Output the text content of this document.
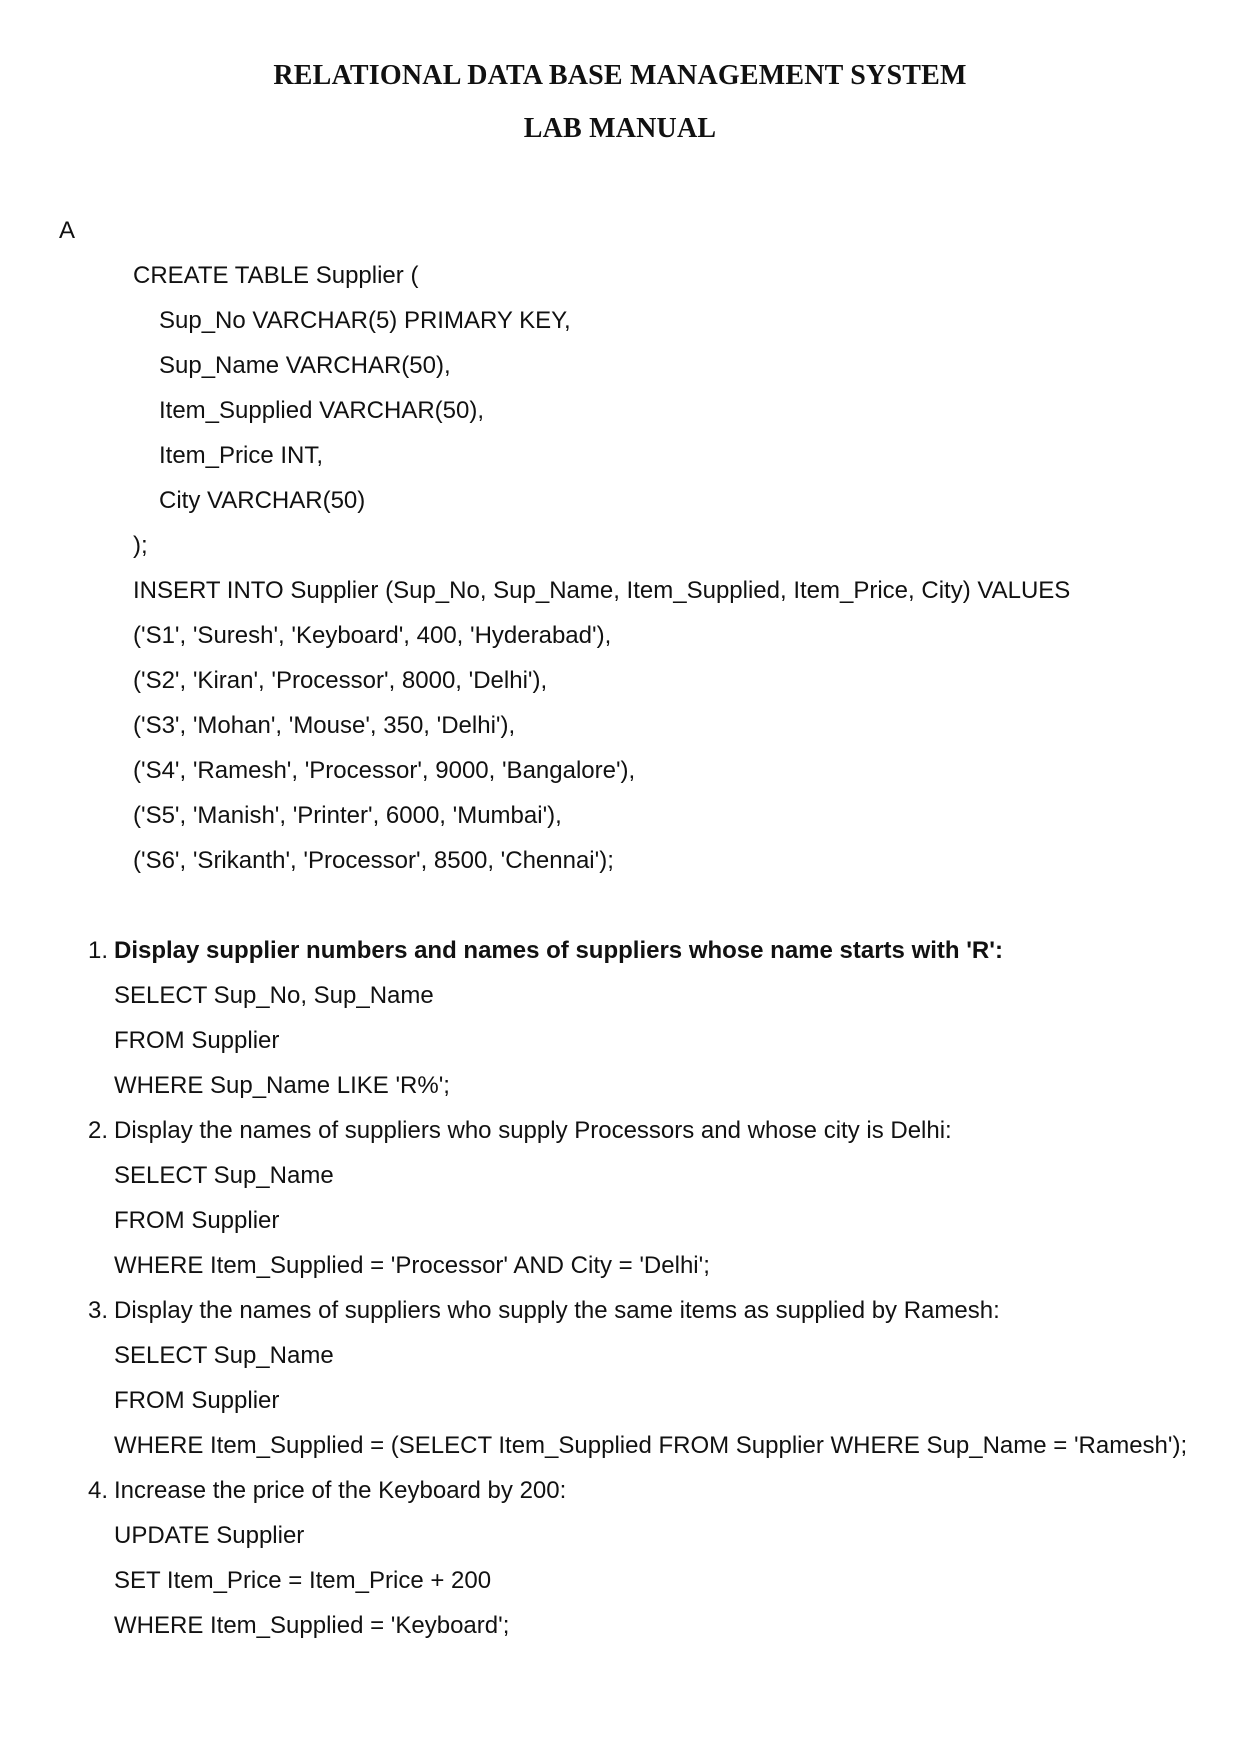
RELATIONAL DATA BASE MANAGEMENT SYSTEM
LAB MANUAL
A
CREATE TABLE Supplier (
Sup_No VARCHAR(5) PRIMARY KEY,
Sup_Name VARCHAR(50),
Item_Supplied VARCHAR(50),
Item_Price INT,
City VARCHAR(50)
);
INSERT INTO Supplier (Sup_No, Sup_Name, Item_Supplied, Item_Price, City) VALUES
('S1', 'Suresh', 'Keyboard', 400, 'Hyderabad'),
('S2', 'Kiran', 'Processor', 8000, 'Delhi'),
('S3', 'Mohan', 'Mouse', 350, 'Delhi'),
('S4', 'Ramesh', 'Processor', 9000, 'Bangalore'),
('S5', 'Manish', 'Printer', 6000, 'Mumbai'),
('S6', 'Srikanth', 'Processor', 8500, 'Chennai');
1. Display supplier numbers and names of suppliers whose name starts with 'R':
SELECT Sup_No, Sup_Name
FROM Supplier
WHERE Sup_Name LIKE 'R%';
2. Display the names of suppliers who supply Processors and whose city is Delhi:
SELECT Sup_Name
FROM Supplier
WHERE Item_Supplied = 'Processor' AND City = 'Delhi';
3. Display the names of suppliers who supply the same items as supplied by Ramesh:
SELECT Sup_Name
FROM Supplier
WHERE Item_Supplied = (SELECT Item_Supplied FROM Supplier WHERE Sup_Name = 'Ramesh');
4. Increase the price of the Keyboard by 200:
UPDATE Supplier
SET Item_Price = Item_Price + 200
WHERE Item_Supplied = 'Keyboard';
